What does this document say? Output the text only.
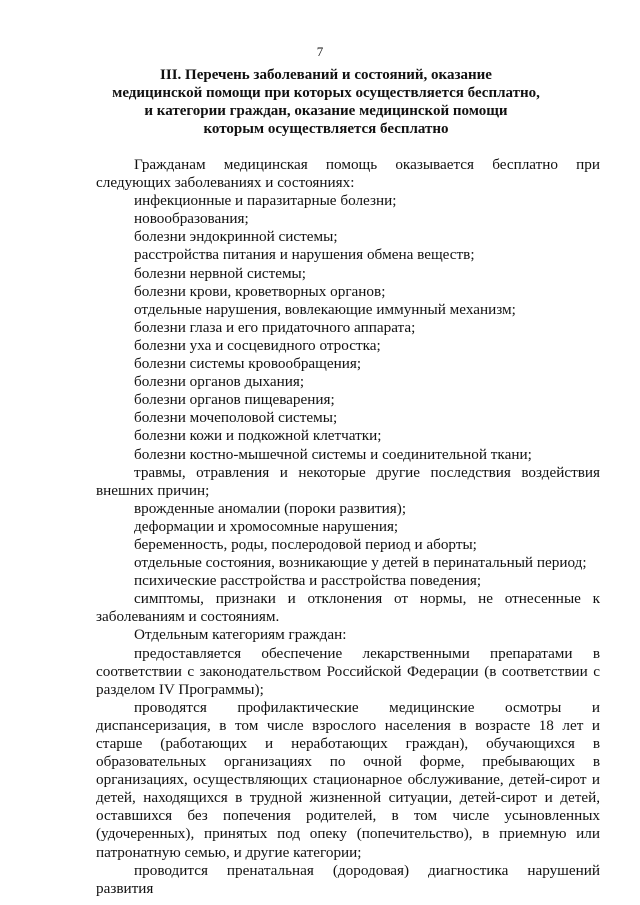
7
III. Перечень заболеваний и состояний, оказание
медицинской помощи при которых осуществляется бесплатно,
и категории граждан, оказание медицинской помощи
которым осуществляется бесплатно

Гражданам медицинская помощь оказывается бесплатно при следующих заболеваниях и состояниях:

инфекционные и паразитарные болезни;
новообразования;
болезни эндокринной системы;
расстройства питания и нарушения обмена веществ;
болезни нервной системы;
болезни крови, кроветворных органов;
отдельные нарушения, вовлекающие иммунный механизм;
болезни глаза и его придаточного аппарата;
болезни уха и сосцевидного отростка;
болезни системы кровообращения;
болезни органов дыхания;
болезни органов пищеварения;
болезни мочеполовой системы;
болезни кожи и подкожной клетчатки;
болезни костно-мышечной системы и соединительной ткани;

травмы, отравления и некоторые другие последствия воздействия внешних причин;

врожденные аномалии (пороки развития);
деформации и хромосомные нарушения;
беременность, роды, послеродовой период и аборты;
отдельные состояния, возникающие у детей в перинатальный период;
психические расстройства и расстройства поведения;

симптомы, признаки и отклонения от нормы, не отнесенные к заболеваниям и состояниям.

Отдельным категориям граждан:

предоставляется обеспечение лекарственными препаратами в соответствии с законодательством Российской Федерации (в соответствии с разделом IV Программы);

проводятся профилактические медицинские осмотры и диспансеризация, в том числе взрослого населения в возрасте 18 лет и старше (работающих и неработающих граждан), обучающихся в образовательных организациях по очной форме, пребывающих в организациях, осуществляющих стационарное обслуживание, детей-сирот и детей, находящихся в трудной жизненной ситуации, детей-сирот и детей, оставшихся без попечения родителей, в том числе усыновленных (удочеренных), принятых под опеку (попечительство), в приемную или патронатную семью, и другие категории;

проводится пренатальная (дородовая) диагностика нарушений развития
